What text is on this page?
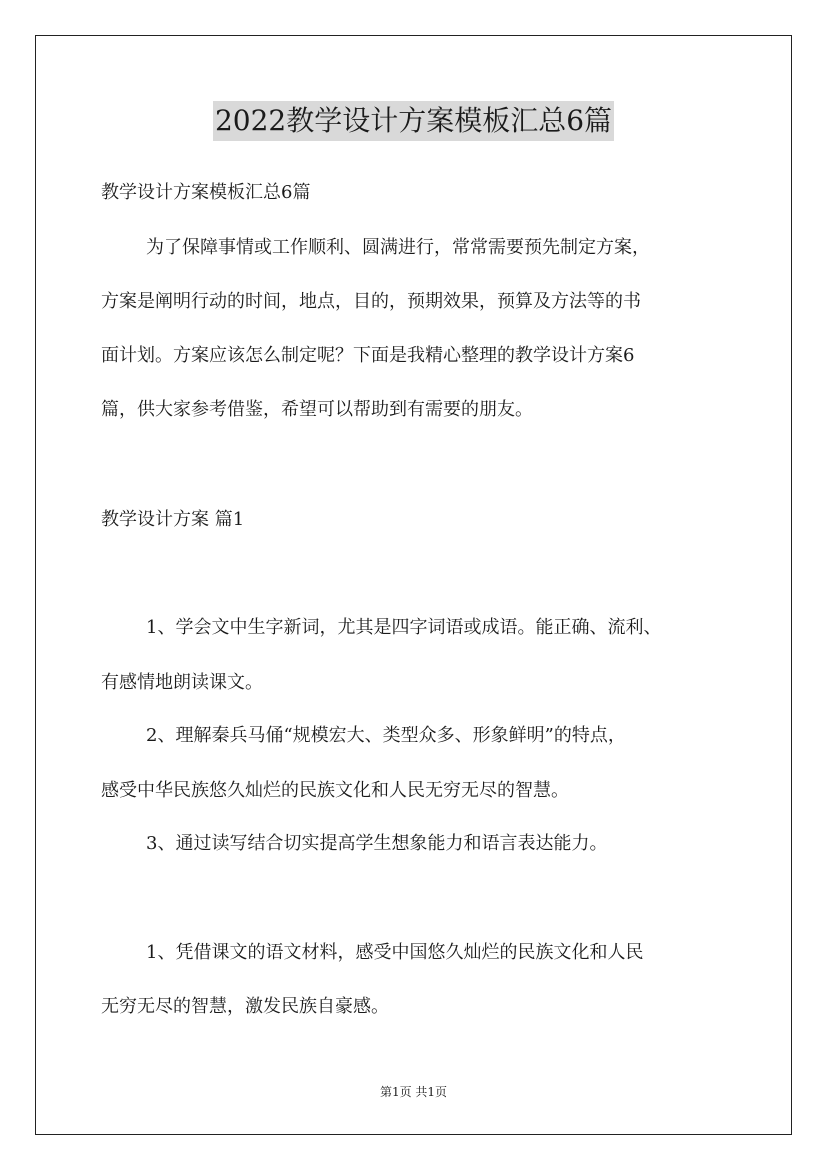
2022教学设计方案模板汇总6篇
教学设计方案模板汇总6篇
为了保障事情或工作顺利、圆满进行，常常需要预先制定方案，
方案是阐明行动的时间，地点，目的，预期效果，预算及方法等的书
面计划。方案应该怎么制定呢？下面是我精心整理的教学设计方案6
篇，供大家参考借鉴，希望可以帮助到有需要的朋友。
教学设计方案 篇1
1、学会文中生字新词，尤其是四字词语或成语。能正确、流利、
有感情地朗读课文。
2、理解秦兵马俑“规模宏大、类型众多、形象鲜明”的特点，
感受中华民族悠久灿烂的民族文化和人民无穷无尽的智慧。
3、通过读写结合切实提高学生想象能力和语言表达能力。
1、凭借课文的语文材料，感受中国悠久灿烂的民族文化和人民
无穷无尽的智慧，激发民族自豪感。
第1页 共1页
